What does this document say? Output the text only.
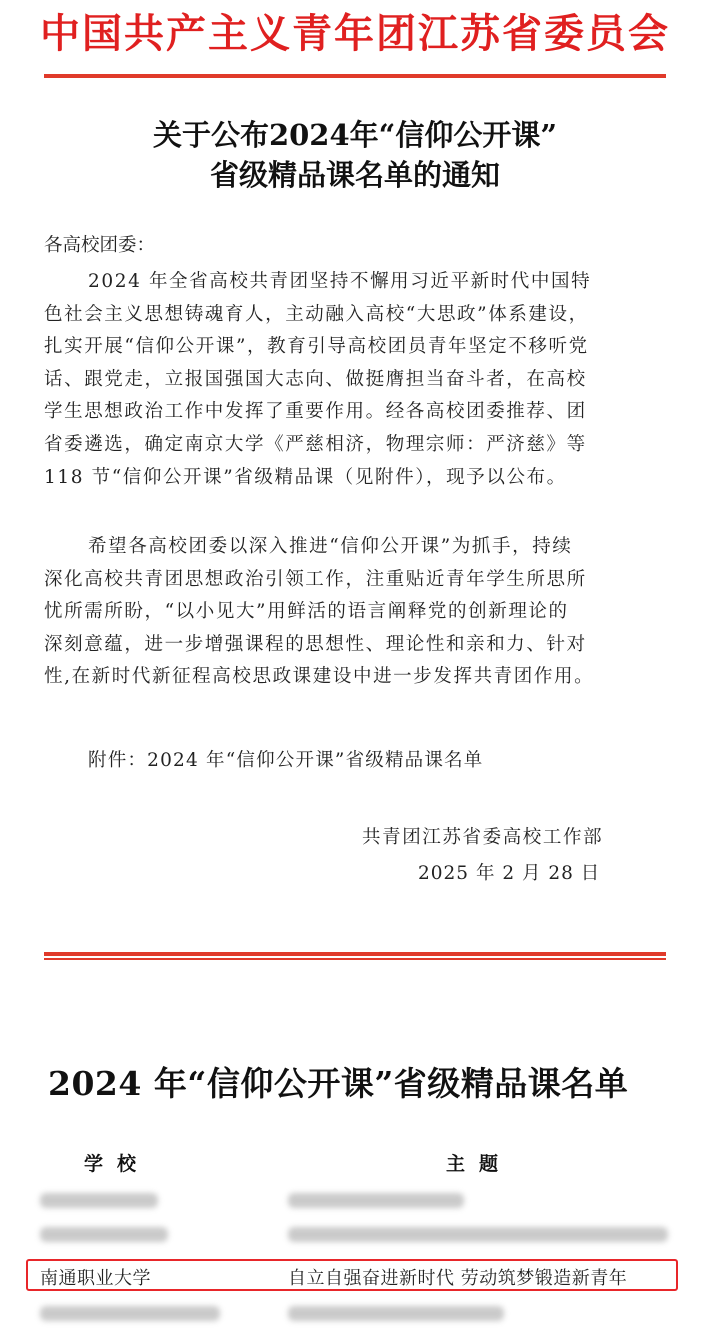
中国共产主义青年团江苏省委员会
关于公布2024年“信仰公开课”
省级精品课名单的通知
各高校团委：
2024 年全省高校共青团坚持不懈用习近平新时代中国特
色社会主义思想铸魂育人，主动融入高校“大思政”体系建设，
扎实开展“信仰公开课”，教育引导高校团员青年坚定不移听党
话、跟党走，立报国强国大志向、做挺膺担当奋斗者，在高校
学生思想政治工作中发挥了重要作用。经各高校团委推荐、团
省委遴选，确定南京大学《严慈相济，物理宗师：严济慈》等
118 节“信仰公开课”省级精品课（见附件），现予以公布。
希望各高校团委以深入推进“信仰公开课”为抓手，持续
深化高校共青团思想政治引领工作，注重贴近青年学生所思所
忧所需所盼，“以小见大”用鲜活的语言阐释党的创新理论的
深刻意蕴，进一步增强课程的思想性、理论性和亲和力、针对
性,在新时代新征程高校思政课建设中进一步发挥共青团作用。
附件：2024 年“信仰公开课”省级精品课名单
共青团江苏省委高校工作部
2025 年 2 月 28 日
2024 年“信仰公开课”省级精品课名单
学校	主题
南通职业大学	自立自强奋进新时代 劳动筑梦锻造新青年
